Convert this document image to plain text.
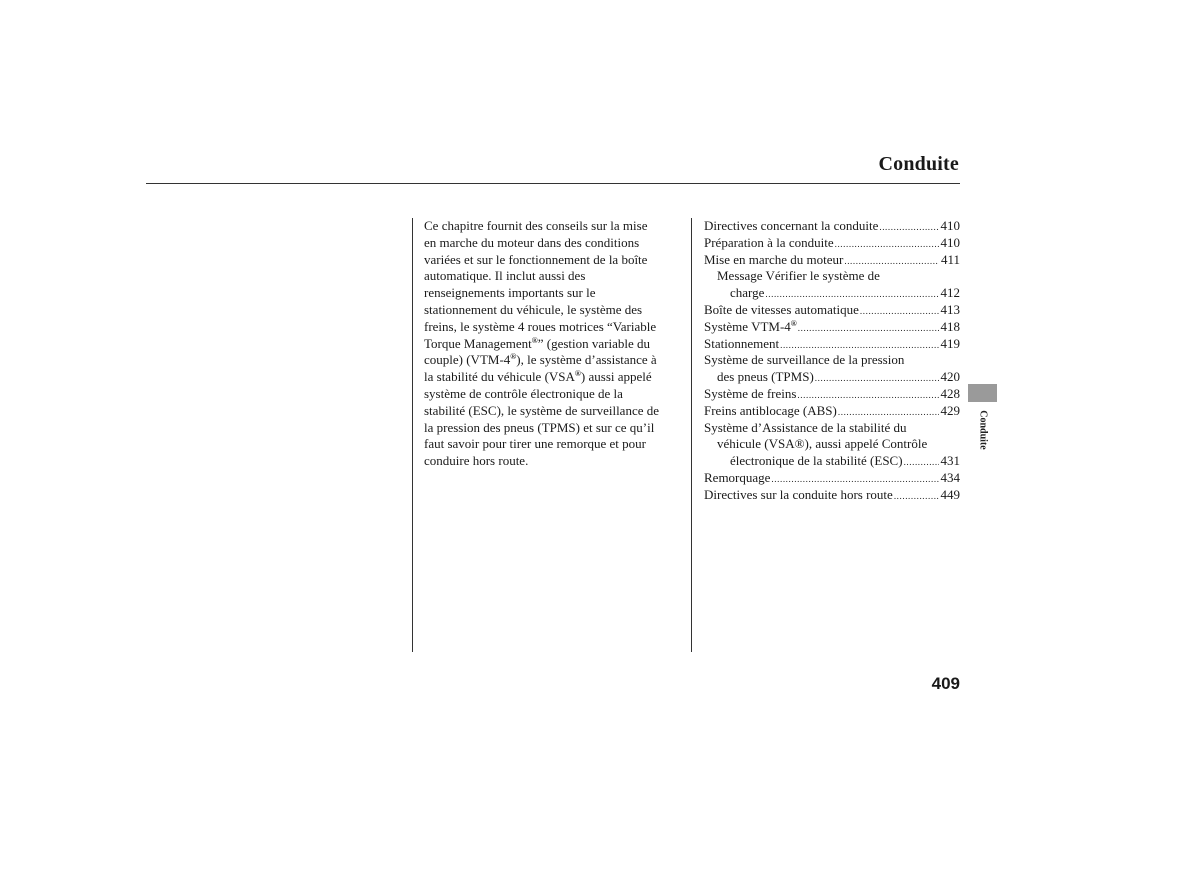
Conduite
Ce chapitre fournit des conseils sur la mise
en marche du moteur dans des conditions
variées et sur le fonctionnement de la boîte
automatique. Il inclut aussi des
renseignements importants sur le
stationnement du véhicule, le système des
freins, le système 4 roues motrices “Variable
Torque Management®” (gestion variable du
couple) (VTM-4®), le système d’assistance à
la stabilité du véhicule (VSA®) aussi appelé
système de contrôle électronique de la
stabilité (ESC), le système de surveillance de
la pression des pneus (TPMS) et sur ce qu’il
faut savoir pour tirer une remorque et pour
conduire hors route.
Directives concernant la conduite .....	410
Préparation à la conduite .....	410
Mise en marche du moteur .....	411
Message Vérifier le système de
charge .....	412
Boîte de vitesses automatique .....	413
Système VTM-4® .....	418
Stationnement .....	419
Système de surveillance de la pression
des pneus (TPMS) .....	420
Système de freins .....	428
Freins antiblocage (ABS) .....	429
Système d’Assistance de la stabilité du
véhicule (VSA®), aussi appelé Contrôle
électronique de la stabilité (ESC) .....	431
Remorquage .....	434
Directives sur la conduite hors route .....	449
Conduite
409
